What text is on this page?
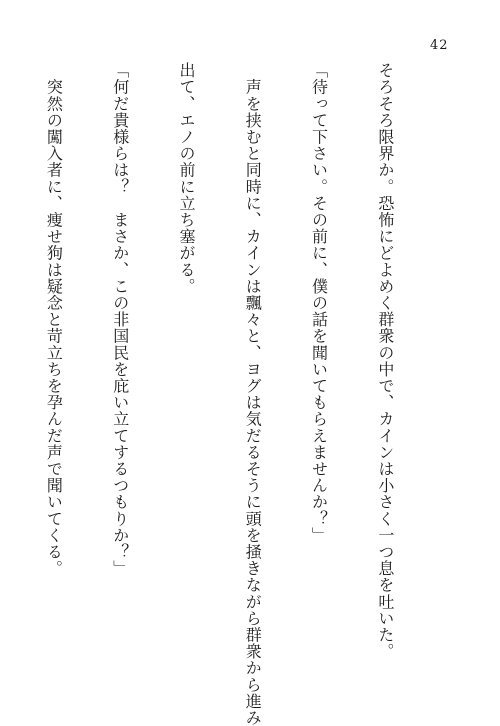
42

そろそろ限界か。恐怖にどよめく群衆の中で、カインは小さく一つ息を吐いた。

「待って下さい。その前に、僕の話を聞いてもらえませんか？」

　声を挟むと同時に、カインは飄々と、ヨグは気だるそうに頭を掻きながら群衆から進み

出て、エノの前に立ち塞がる。

「何だ貴様らは？　まさか、この非国民を庇い立てするつもりか？」

　突然の闖入者に、痩せ狗は疑念と苛立ちを孕んだ声で聞いてくる。
